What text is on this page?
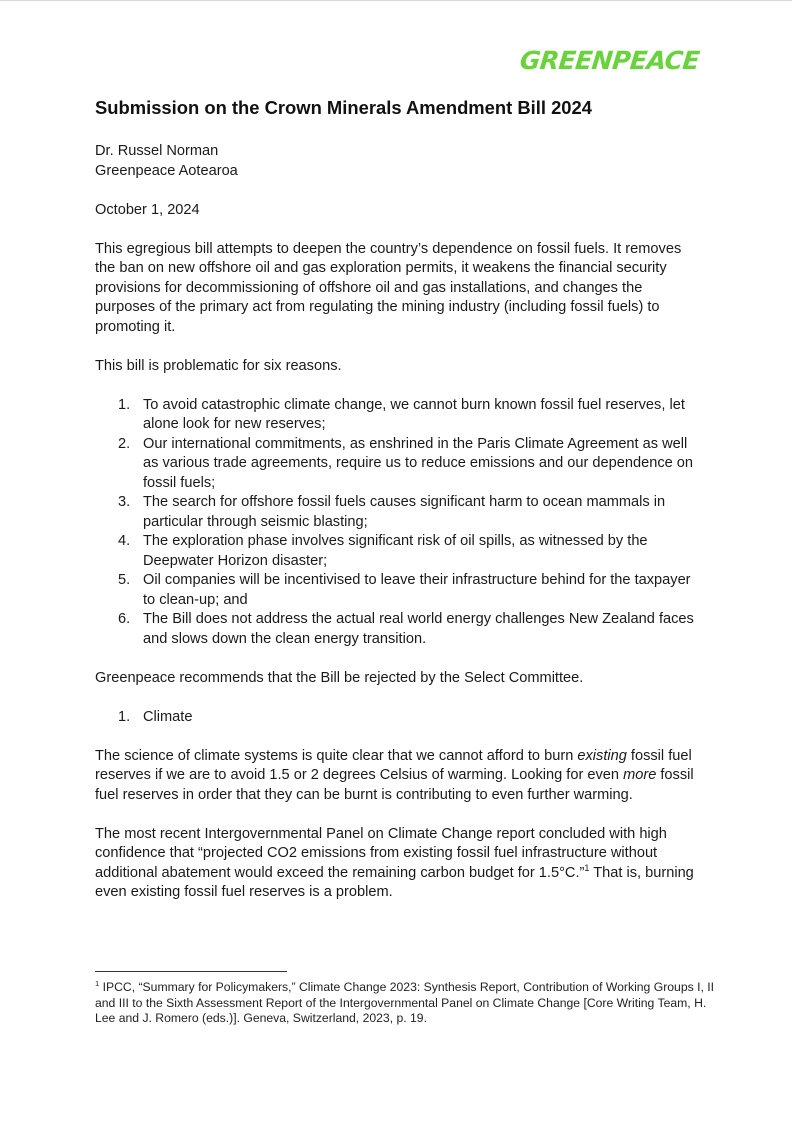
GREENPEACE
Submission on the Crown Minerals Amendment Bill 2024

Dr. Russel Norman
Greenpeace Aotearoa

October 1, 2024

This egregious bill attempts to deepen the country’s dependence on fossil fuels. It removes the ban on new offshore oil and gas exploration permits, it weakens the financial security provisions for decommissioning of offshore oil and gas installations, and changes the purposes of the primary act from regulating the mining industry (including fossil fuels) to promoting it.

This bill is problematic for six reasons.

1. To avoid catastrophic climate change, we cannot burn known fossil fuel reserves, let alone look for new reserves;
2. Our international commitments, as enshrined in the Paris Climate Agreement as well as various trade agreements, require us to reduce emissions and our dependence on fossil fuels;
3. The search for offshore fossil fuels causes significant harm to ocean mammals in particular through seismic blasting;
4. The exploration phase involves significant risk of oil spills, as witnessed by the Deepwater Horizon disaster;
5. Oil companies will be incentivised to leave their infrastructure behind for the taxpayer to clean-up; and
6. The Bill does not address the actual real world energy challenges New Zealand faces and slows down the clean energy transition.

Greenpeace recommends that the Bill be rejected by the Select Committee.

1. Climate

The science of climate systems is quite clear that we cannot afford to burn existing fossil fuel reserves if we are to avoid 1.5 or 2 degrees Celsius of warming. Looking for even more fossil fuel reserves in order that they can be burnt is contributing to even further warming.

The most recent Intergovernmental Panel on Climate Change report concluded with high confidence that “projected CO2 emissions from existing fossil fuel infrastructure without additional abatement would exceed the remaining carbon budget for 1.5°C.”$^1$ That is, burning even existing fossil fuel reserves is a problem.

$^1$ IPCC, “Summary for Policymakers,” Climate Change 2023: Synthesis Report, Contribution of Working Groups I, II and III to the Sixth Assessment Report of the Intergovernmental Panel on Climate Change [Core Writing Team, H. Lee and J. Romero (eds.)]. Geneva, Switzerland, 2023, p. 19.
